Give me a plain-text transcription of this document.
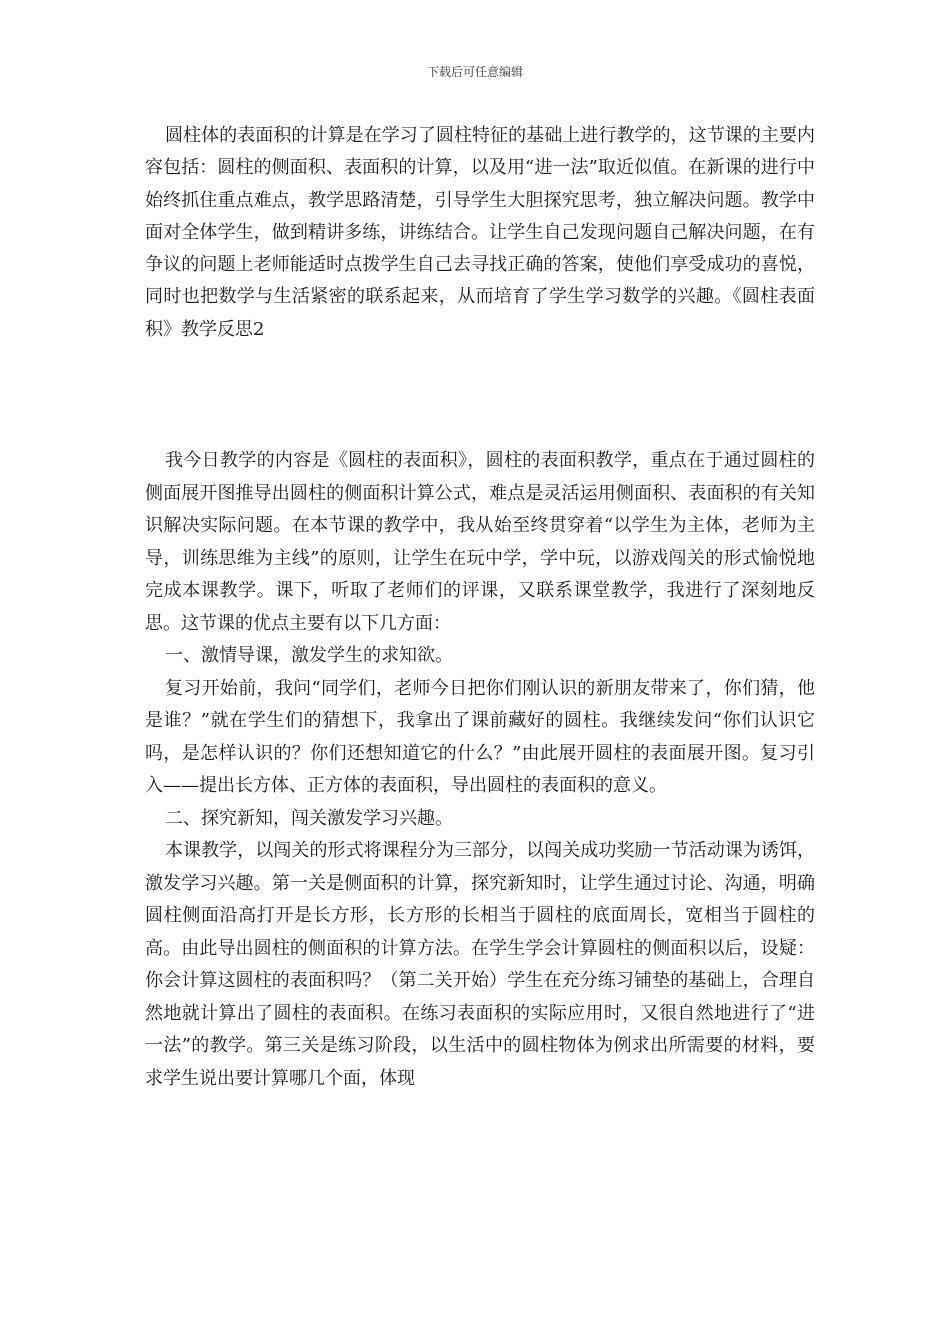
下载后可任意编辑

圆柱体的表面积的计算是在学习了圆柱特征的基础上进行教学的，这节课的主要内容包括：圆柱的侧面积、表面积的计算，以及用“进一法”取近似值。在新课的进行中始终抓住重点难点，教学思路清楚，引导学生大胆探究思考，独立解决问题。教学中面对全体学生，做到精讲多练，讲练结合。让学生自己发现问题自己解决问题，在有争议的问题上老师能适时点拨学生自己去寻找正确的答案，使他们享受成功的喜悦，同时也把数学与生活紧密的联系起来，从而培育了学生学习数学的兴趣。《圆柱表面积》教学反思2

我今日教学的内容是《圆柱的表面积》，圆柱的表面积教学，重点在于通过圆柱的侧面展开图推导出圆柱的侧面积计算公式，难点是灵活运用侧面积、表面积的有关知识解决实际问题。在本节课的教学中，我从始至终贯穿着“以学生为主体，老师为主导，训练思维为主线”的原则，让学生在玩中学，学中玩，以游戏闯关的形式愉悦地完成本课教学。课下，听取了老师们的评课，又联系课堂教学，我进行了深刻地反思。这节课的优点主要有以下几方面：

一、激情导课，激发学生的求知欲。

复习开始前，我问“同学们，老师今日把你们刚认识的新朋友带来了，你们猜，他是谁？”就在学生们的猜想下，我拿出了课前藏好的圆柱。我继续发问“你们认识它吗，是怎样认识的？你们还想知道它的什么？”由此展开圆柱的表面展开图。复习引入——提出长方体、正方体的表面积，导出圆柱的表面积的意义。

二、探究新知，闯关激发学习兴趣。

本课教学，以闯关的形式将课程分为三部分，以闯关成功奖励一节活动课为诱饵，激发学习兴趣。第一关是侧面积的计算，探究新知时，让学生通过讨论、沟通，明确圆柱侧面沿高打开是长方形，长方形的长相当于圆柱的底面周长，宽相当于圆柱的高。由此导出圆柱的侧面积的计算方法。在学生学会计算圆柱的侧面积以后，设疑：你会计算这圆柱的表面积吗？（第二关开始）学生在充分练习铺垫的基础上，合理自然地就计算出了圆柱的表面积。在练习表面积的实际应用时，又很自然地进行了“进一法”的教学。第三关是练习阶段，以生活中的圆柱物体为例求出所需要的材料，要求学生说出要计算哪几个面，体现
